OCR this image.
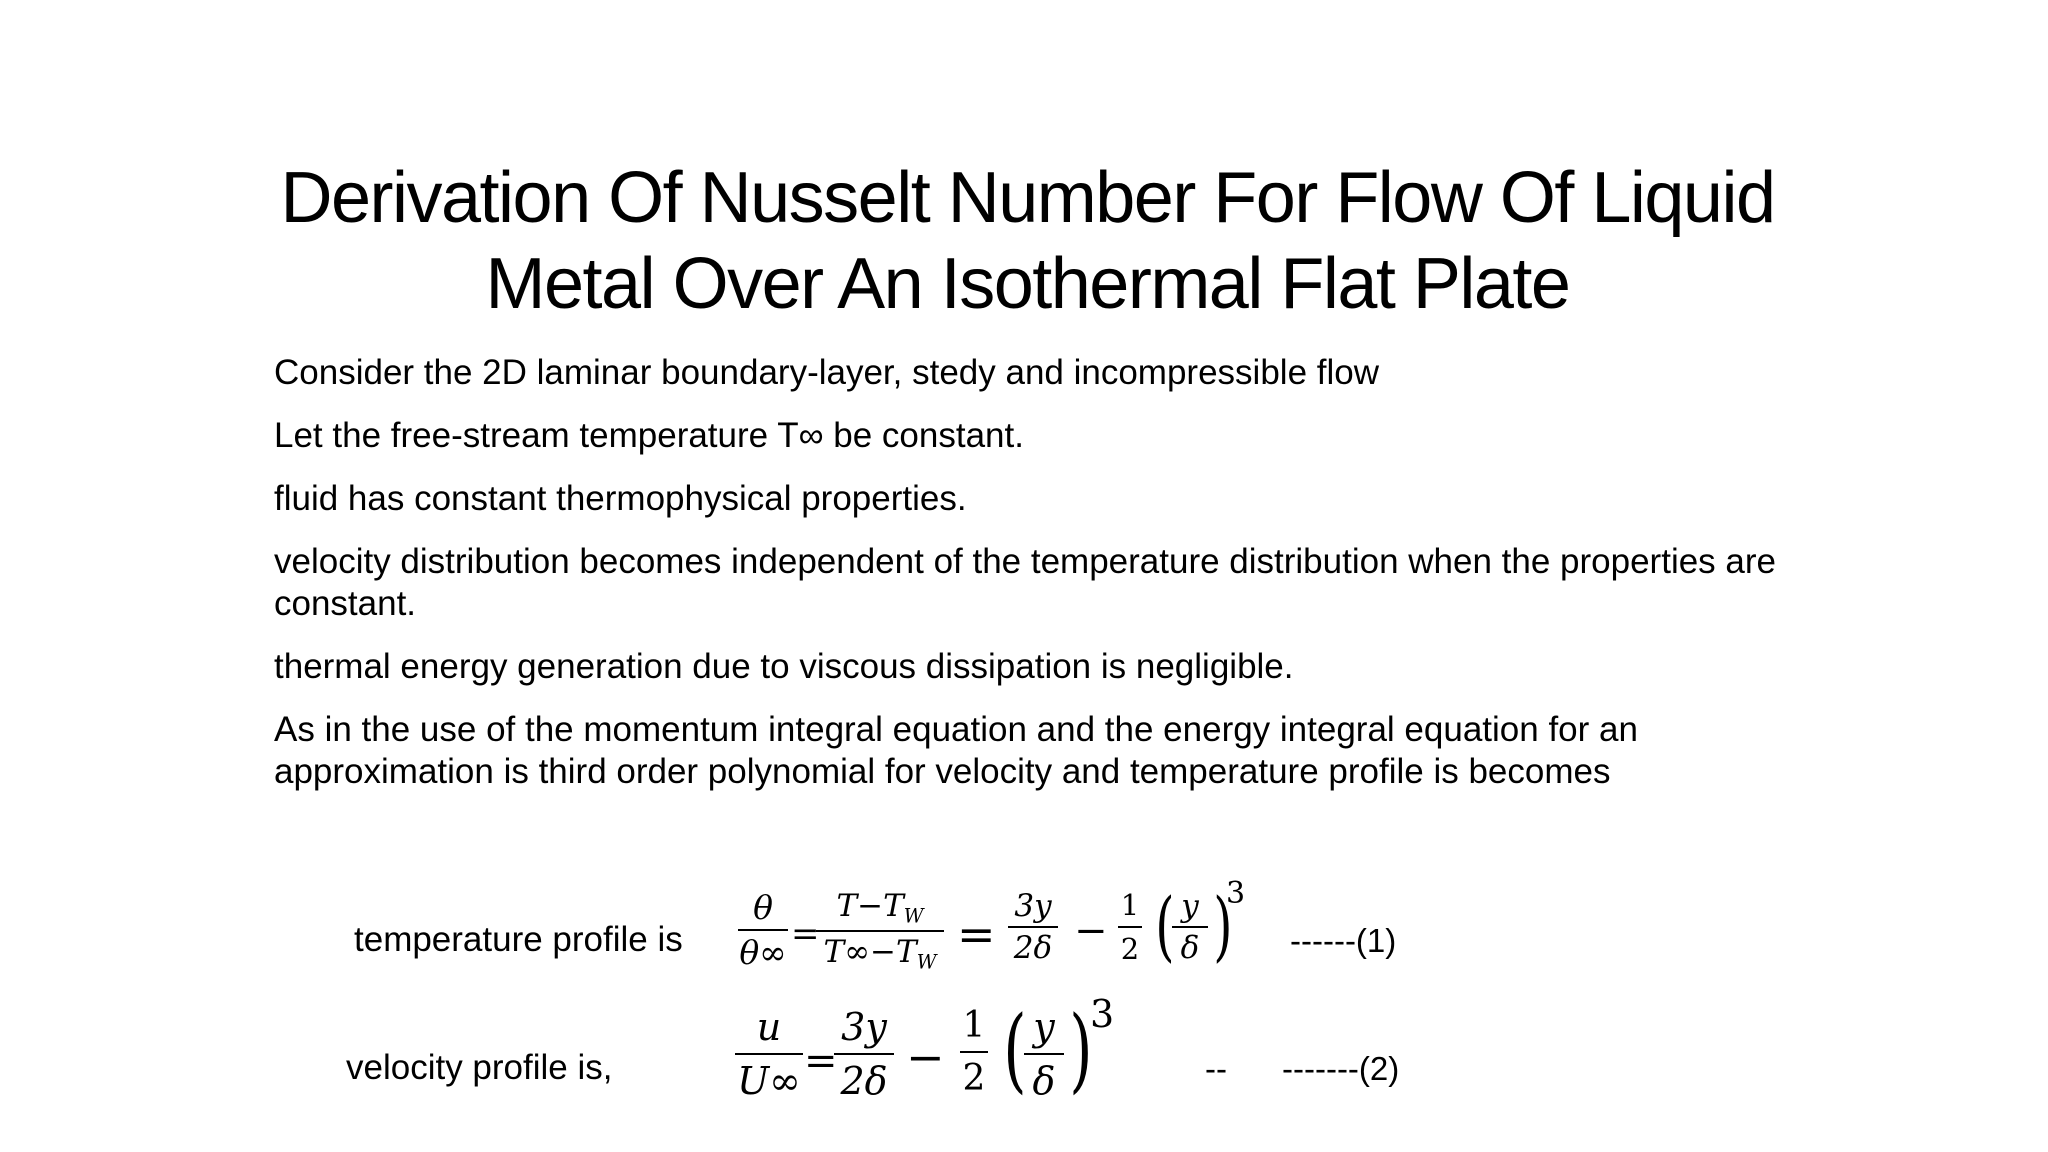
Derivation Of Nusselt Number For Flow Of Liquid
Metal Over An Isothermal Flat Plate
Consider the 2D laminar boundary-layer, stedy and incompressible flow
Let the free-stream temperature T∞ be constant.
fluid has constant thermophysical properties.
velocity distribution becomes independent of the temperature distribution when the properties are constant.
thermal energy generation due to viscous dissipation is negligible.
As in the use of the momentum integral equation and the energy integral equation for an approximation is third order polynomial for velocity and temperature profile is becomes
temperature profile is
θ
θ∞ =
$T-T_W$
$T\infty-T_W$
=
3y
2δ −
1
2 ( y
δ )
3
------(1)
velocity profile is,
u
U∞ =
3y
2δ −
1
2 ( y
δ )
3
-- -------(2)
